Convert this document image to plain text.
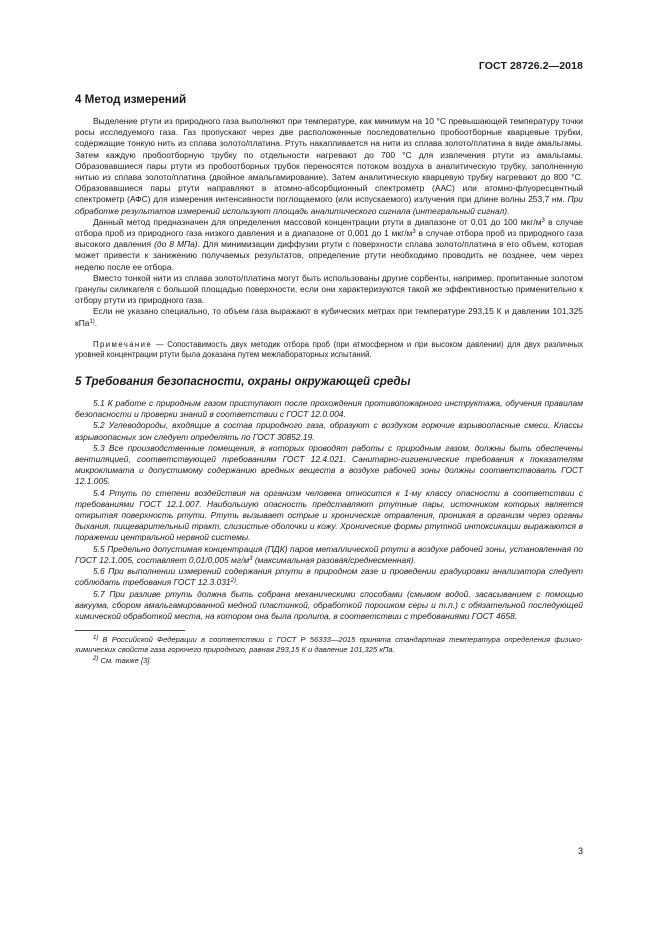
ГОСТ 28726.2—2018
4 Метод измерений

Выделение ртути из природного газа выполняют при температуре, как минимум на 10 °С превышающей температуру точки росы исследуемого газа. Газ пропускают через две расположенные последовательно пробоотборные кварцевые трубки, содержащие тонкую нить из сплава золото/платина. Ртуть накапливается на нити из сплава золото/платина в виде амальгамы. Затем каждую пробоотборную трубку по отдельности нагревают до 700 °С для извлечения ртути из амальгамы. Образовавшиеся пары ртути из пробоотборных трубок переносятся потоком воздуха в аналитическую трубку, заполненную нитью из сплава золото/платина (двойное амальгамирование). Затем аналитическую кварцевую трубку нагревают до 800 °С. Образовавшиеся пары ртути направляют в атомно-абсорбционный спектрометр (ААС) или атомно-флуоресцентный спектрометр (АФС) для измерения интенсивности поглощаемого (или испускаемого) излучения при длине волны 253,7 нм. При обработке результатов измерений используют площадь аналитического сигнала (интегральный сигнал).

Данный метод предназначен для определения массовой концентрации ртути в диапазоне от 0,01 до 100 мкг/$м^3$ в случае отбора проб из природного газа низкого давления и в диапазоне от 0,001 до 1 мкг/$м^3$ в случае отбора проб из природного газа высокого давления (до 8 МПа). Для минимизации диффузии ртути с поверхности сплава золото/платина в его объем, которая может привести к занижению получаемых результатов, определение ртути необходимо проводить не позднее, чем через неделю после ее отбора.

Вместо тонкой нити из сплава золото/платина могут быть использованы другие сорбенты, например, пропитанные золотом гранулы силикагеля с большой площадью поверхности, если они характеризуются такой же эффективностью применительно к отбору ртути из природного газа.

Если не указано специально, то объем газа выражают в кубических метрах при температуре 293,15 К и давлении 101,325 кПа$^{1)}$.

Примечание — Сопоставимость двух методик отбора проб (при атмосферном и при высоком давлении) для двух различных уровней концентрации ртути была доказана путем межлабораторных испытаний.

5 Требования безопасности, охраны окружающей среды

5.1 К работе с природным газом приступают после прохождения противопожарного инструктажа, обучения правилам безопасности и проверки знаний в соответствии с ГОСТ 12.0.004.

5.2 Углеводороды, входящие в состав природного газа, образуют с воздухом горючие взрывоопасные смеси. Классы взрывоопасных зон следует определять по ГОСТ 30852.19.

5.3 Все производственные помещения, в которых проводят работы с природным газом, должны быть обеспечены вентиляцией, соответствующей требованиям ГОСТ 12.4.021. Санитарно-гигиенические требования к показателям микроклимата и допустимому содержанию вредных веществ в воздухе рабочей зоны должны соответствовать ГОСТ 12.1.005.

5.4 Ртуть по степени воздействия на организм человека относится к 1-му классу опасности в соответствии с требованиями ГОСТ 12.1.007. Наибольшую опасность представляют ртутные пары, источником которых является открытая поверхность ртути. Ртуть вызывает острые и хронические отравления, проникая в организм через органы дыхания, пищеварительный тракт, слизистые оболочки и кожу. Хронические формы ртутной интоксикации выражаются в поражении центральной нервной системы.

5.5 Предельно допустимая концентрация (ПДК) паров металлической ртути в воздухе рабочей зоны, установленная по ГОСТ 12.1.005, составляет 0,01/0,005 $мг/м^3$ (максимальная разовая/среднесменная).

5.6 При выполнении измерений содержания ртути в природном газе и проведении градуировки анализатора следует соблюдать требования ГОСТ 12.3.031$^{2)}$.

5.7 При разливе ртуть должна быть собрана механическими способами (смывом водой, засасыванием с помощью вакуума, сбором амальгамированной медной пластинкой, обработкой порошком серы и т.п.) с обязательной последующей химической обработкой места, на котором она была пролита, в соответствии с требованиями ГОСТ 4658.

$^{1)}$ В Российской Федерации в соответствии с ГОСТ Р 56333—2015 принята стандартная температура определения физико-химических свойств газа горючего природного, равная 293,15 К и давление 101,325 кПа.

$^{2)}$ См. также [3].

3
